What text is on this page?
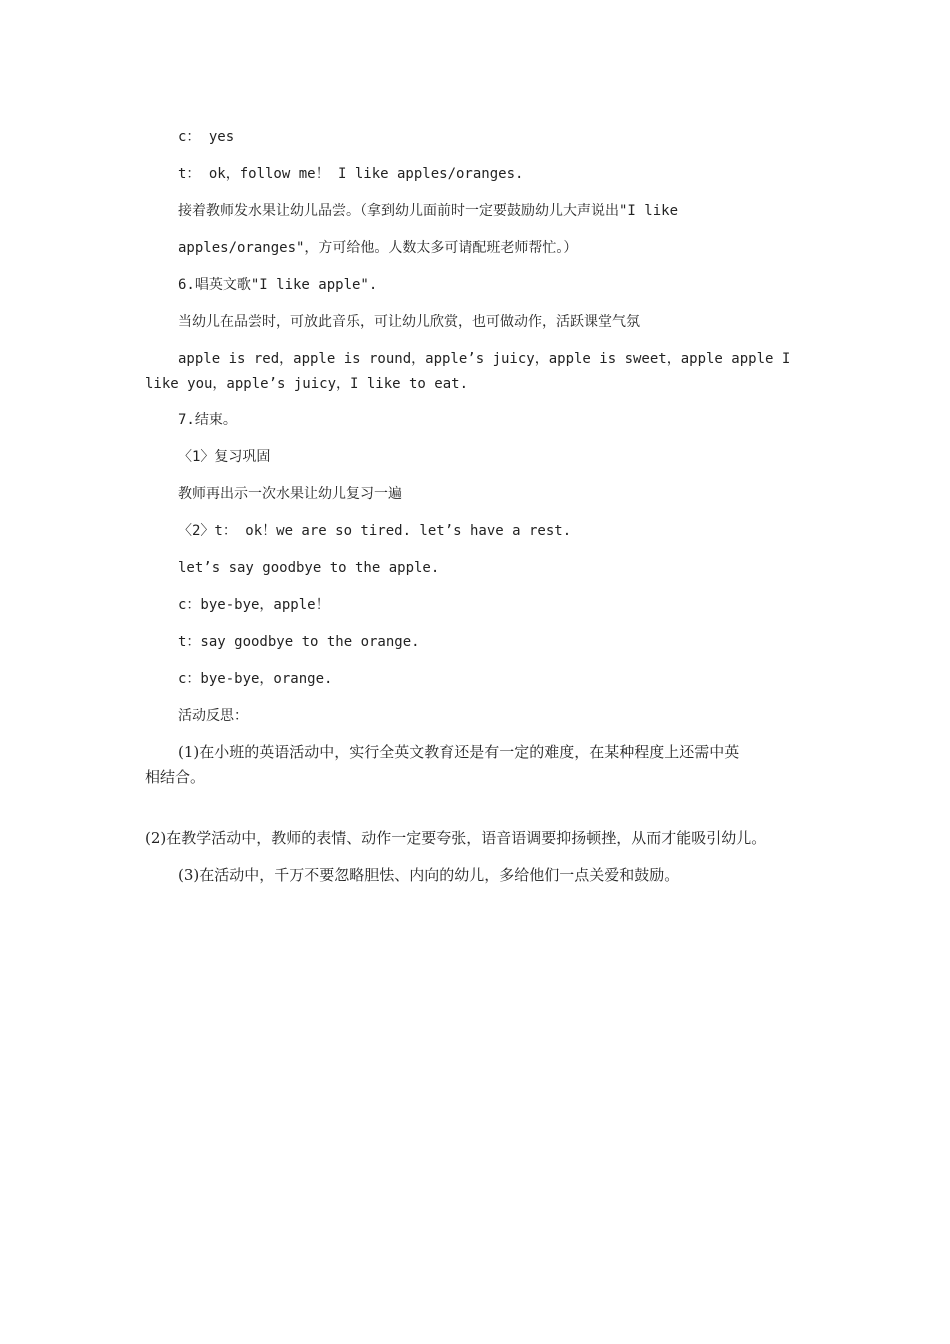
c： yes
t： ok，follow me！ I like apples/oranges.
接着教师发水果让幼儿品尝。（拿到幼儿面前时一定要鼓励幼儿大声说出"I like
apples/oranges"，方可给他。人数太多可请配班老师帮忙。）
6.唱英文歌"I like apple".
当幼儿在品尝时，可放此音乐，可让幼儿欣赏，也可做动作，活跃课堂气氛
apple is red，apple is round，apple’s juicy，apple is sweet，apple apple I
like you，apple’s juicy，I like to eat.
7.结束。
〈1〉复习巩固
教师再出示一次水果让幼儿复习一遍
〈2〉t： ok！we are so tired. let’s have a rest.
let’s say goodbye to the apple.
c：bye-bye，apple！
t：say goodbye to the orange.
c：bye-bye，orange.
活动反思：
(1)在小班的英语活动中，实行全英文教育还是有一定的难度，在某种程度上还需中英
相结合。
(2)在教学活动中，教师的表情、动作一定要夸张，语音语调要抑扬顿挫，从而才能吸引幼儿。
(3)在活动中，千万不要忽略胆怯、内向的幼儿，多给他们一点关爱和鼓励。
